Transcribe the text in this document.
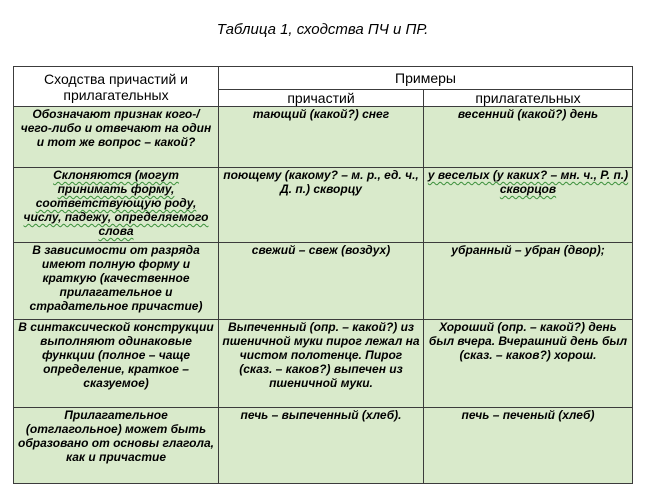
Таблица 1, сходства ПЧ и ПР.
Сходства причастий и прилагательных	Примеры	
	причастий	прилагательных
Обозначают признак кого-/чего-либо и отвечают на один и тот же вопрос – какой?	тающий (какой?) снег	весенний (какой?) день
Склоняются (могут принимать форму, соответствующую роду, числу, падежу, определяемого слова	поющему (какому? – м. р., ед. ч., Д. п.) скворцу	у веселых (у каких? – мн. ч., Р. п.) скворцов
В зависимости от разряда имеют полную форму и краткую (качественное прилагательное и страдательное причастие)	свежий – свеж (воздух)	убранный – убран (двор);
В синтаксической конструкции выполняют одинаковые функции (полное – чаще определение, краткое – сказуемое)	Выпеченный (опр. – какой?) из пшеничной муки пирог лежал на чистом полотенце. Пирог (сказ. – каков?) выпечен из пшеничной муки.	Хороший (опр. – какой?) день был вчера. Вчерашний день был (сказ. – каков?) хорош.
Прилагательное (отглагольное) может быть образовано от основы глагола, как и причастие	печь – выпеченный (хлеб).	печь – печеный (хлеб)
